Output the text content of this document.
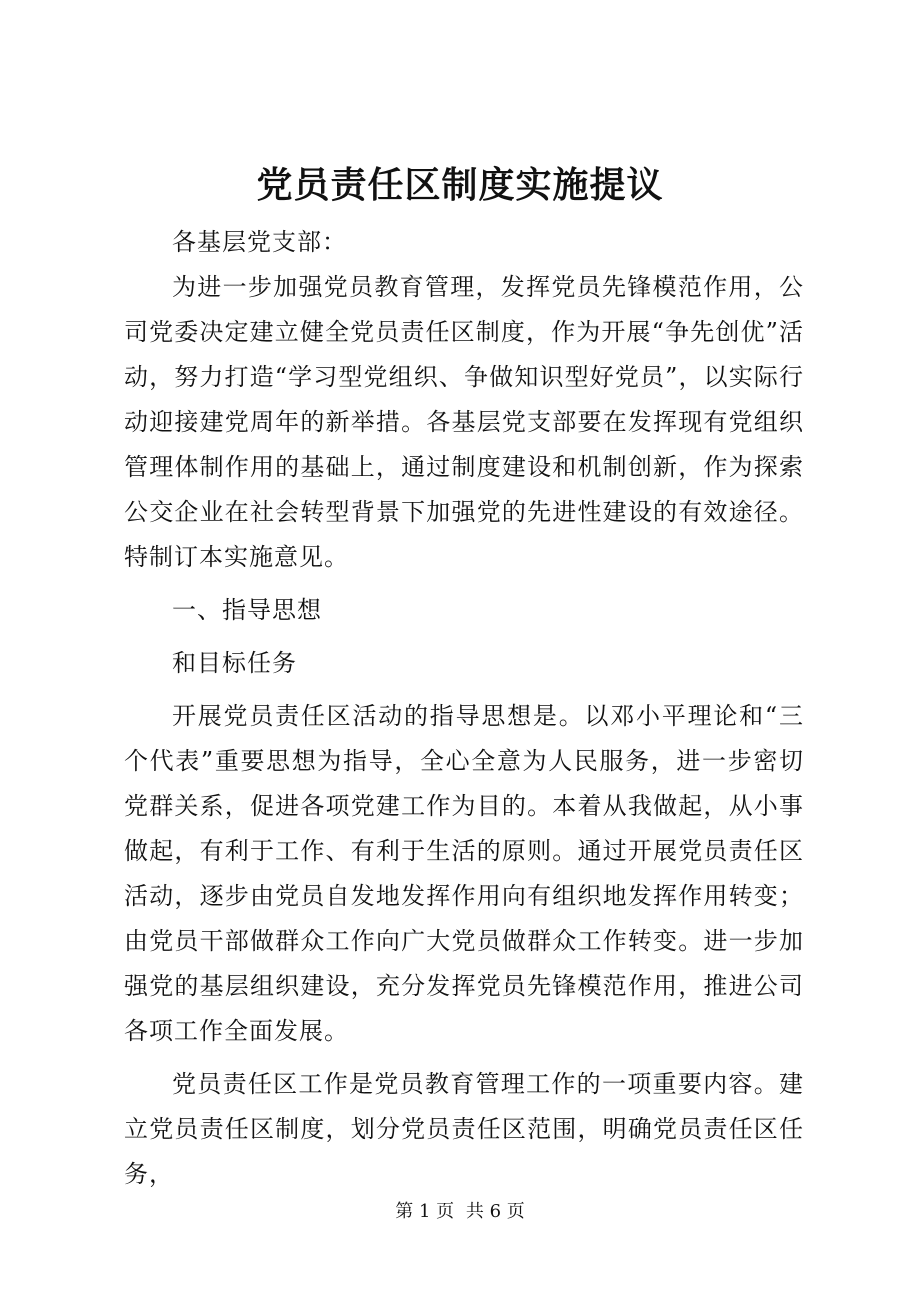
党员责任区制度实施提议

各基层党支部：

为进一步加强党员教育管理，发挥党员先锋模范作用，公司党委决定建立健全党员责任区制度，作为开展“争先创优”活动，努力打造“学习型党组织、争做知识型好党员”，以实际行动迎接建党周年的新举措。各基层党支部要在发挥现有党组织管理体制作用的基础上，通过制度建设和机制创新，作为探索公交企业在社会转型背景下加强党的先进性建设的有效途径。特制订本实施意见。

一、指导思想

和目标任务

开展党员责任区活动的指导思想是。以邓小平理论和“三个代表”重要思想为指导，全心全意为人民服务，进一步密切党群关系，促进各项党建工作为目的。本着从我做起，从小事做起，有利于工作、有利于生活的原则。通过开展党员责任区活动，逐步由党员自发地发挥作用向有组织地发挥作用转变；由党员干部做群众工作向广大党员做群众工作转变。进一步加强党的基层组织建设，充分发挥党员先锋模范作用，推进公司各项工作全面发展。

党员责任区工作是党员教育管理工作的一项重要内容。建立党员责任区制度，划分党员责任区范围，明确党员责任区任务，

第 1 页 共 6 页
